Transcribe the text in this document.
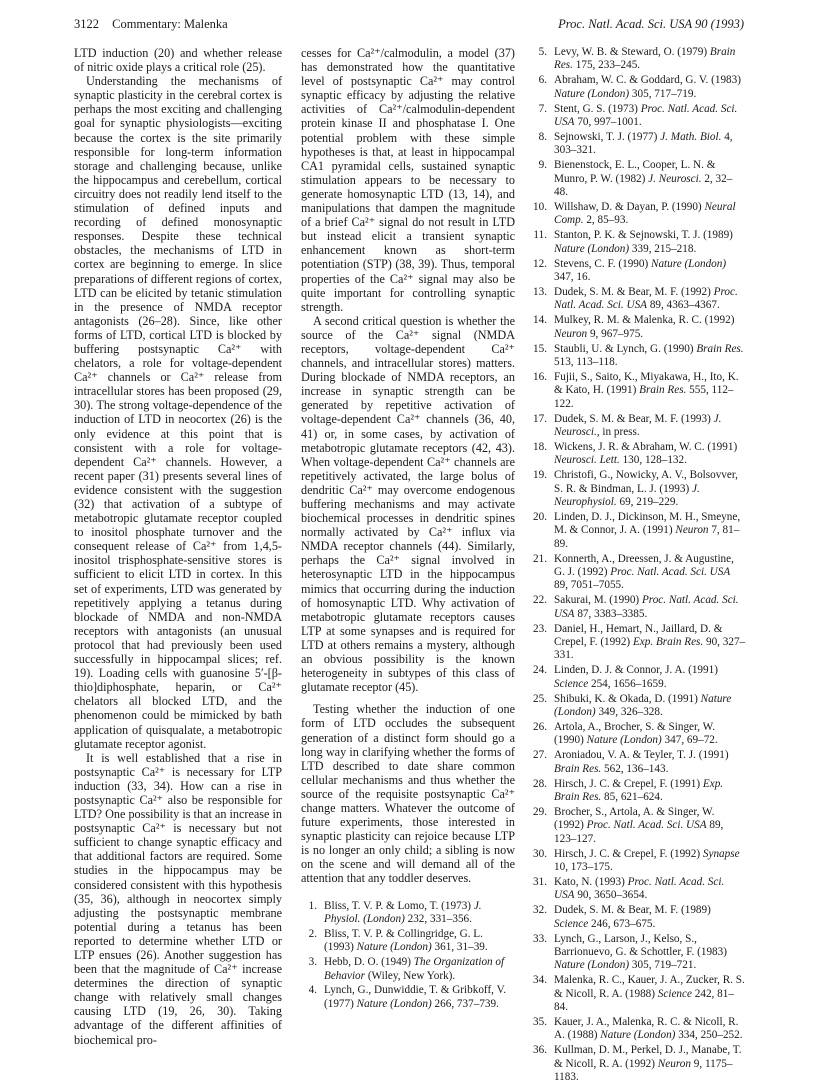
3122 Commentary: Malenka	Proc. Natl. Acad. Sci. USA 90 (1993)

LTD induction (20) and whether release of nitric oxide plays a critical role (25).

Understanding the mechanisms of synaptic plasticity in the cerebral cortex is perhaps the most exciting and challenging goal for synaptic physiologists—exciting because the cortex is the site primarily responsible for long-term information storage and challenging because, unlike the hippocampus and cerebellum, cortical circuitry does not readily lend itself to the stimulation of defined inputs and recording of defined monosynaptic responses. Despite these technical obstacles, the mechanisms of LTD in cortex are beginning to emerge. In slice preparations of different regions of cortex, LTD can be elicited by tetanic stimulation in the presence of NMDA receptor antagonists (26–28). Since, like other forms of LTD, cortical LTD is blocked by buffering postsynaptic Ca²⁺ with chelators, a role for voltage-dependent Ca²⁺ channels or Ca²⁺ release from intracellular stores has been proposed (29, 30). The strong voltage-dependence of the induction of LTD in neocortex (26) is the only evidence at this point that is consistent with a role for voltage-dependent Ca²⁺ channels. However, a recent paper (31) presents several lines of evidence consistent with the suggestion (32) that activation of a subtype of metabotropic glutamate receptor coupled to inositol phosphate turnover and the consequent release of Ca²⁺ from 1,4,5-inositol trisphosphate-sensitive stores is sufficient to elicit LTD in cortex. In this set of experiments, LTD was generated by repetitively applying a tetanus during blockade of NMDA and non-NMDA receptors with antagonists (an unusual protocol that had previously been used successfully in hippocampal slices; ref. 19). Loading cells with guanosine 5′-[β-thio]diphosphate, heparin, or Ca²⁺ chelators all blocked LTD, and the phenomenon could be mimicked by bath application of quisqualate, a metabotropic glutamate receptor agonist.

It is well established that a rise in postsynaptic Ca²⁺ is necessary for LTP induction (33, 34). How can a rise in postsynaptic Ca²⁺ also be responsible for LTD? One possibility is that an increase in postsynaptic Ca²⁺ is necessary but not sufficient to change synaptic efficacy and that additional factors are required. Some studies in the hippocampus may be considered consistent with this hypothesis (35, 36), although in neocortex simply adjusting the postsynaptic membrane potential during a tetanus has been reported to determine whether LTD or LTP ensues (26). Another suggestion has been that the magnitude of Ca²⁺ increase determines the direction of synaptic change with relatively small changes causing LTD (19, 26, 30). Taking advantage of the different affinities of biochemical pro-

cesses for Ca²⁺/calmodulin, a model (37) has demonstrated how the quantitative level of postsynaptic Ca²⁺ may control synaptic efficacy by adjusting the relative activities of Ca²⁺/calmodulin-dependent protein kinase II and phosphatase I. One potential problem with these simple hypotheses is that, at least in hippocampal CA1 pyramidal cells, sustained synaptic stimulation appears to be necessary to generate homosynaptic LTD (13, 14), and manipulations that dampen the magnitude of a brief Ca²⁺ signal do not result in LTD but instead elicit a transient synaptic enhancement known as short-term potentiation (STP) (38, 39). Thus, temporal properties of the Ca²⁺ signal may also be quite important for controlling synaptic strength.

A second critical question is whether the source of the Ca²⁺ signal (NMDA receptors, voltage-dependent Ca²⁺ channels, and intracellular stores) matters. During blockade of NMDA receptors, an increase in synaptic strength can be generated by repetitive activation of voltage-dependent Ca²⁺ channels (36, 40, 41) or, in some cases, by activation of metabotropic glutamate receptors (42, 43). When voltage-dependent Ca²⁺ channels are repetitively activated, the large bolus of dendritic Ca²⁺ may overcome endogenous buffering mechanisms and may activate biochemical processes in dendritic spines normally activated by Ca²⁺ influx via NMDA receptor channels (44). Similarly, perhaps the Ca²⁺ signal involved in heterosynaptic LTD in the hippocampus mimics that occurring during the induction of homosynaptic LTD. Why activation of metabotropic glutamate receptors causes LTP at some synapses and is required for LTD at others remains a mystery, although an obvious possibility is the known heterogeneity in subtypes of this class of glutamate receptor (45).

Testing whether the induction of one form of LTD occludes the subsequent generation of a distinct form should go a long way in clarifying whether the forms of LTD described to date share common cellular mechanisms and thus whether the source of the requisite postsynaptic Ca²⁺ change matters. Whatever the outcome of future experiments, those interested in synaptic plasticity can rejoice because LTP is no longer an only child; a sibling is now on the scene and will demand all of the attention that any toddler deserves.

1. Bliss, T. V. P. & Lomo, T. (1973) J. Physiol. (London) 232, 331–356.
2. Bliss, T. V. P. & Collingridge, G. L. (1993) Nature (London) 361, 31–39.
3. Hebb, D. O. (1949) The Organization of Behavior (Wiley, New York).
4. Lynch, G., Dunwiddie, T. & Gribkoff, V. (1977) Nature (London) 266, 737–739.
5. Levy, W. B. & Steward, O. (1979) Brain Res. 175, 233–245.
6. Abraham, W. C. & Goddard, G. V. (1983) Nature (London) 305, 717–719.
7. Stent, G. S. (1973) Proc. Natl. Acad. Sci. USA 70, 997–1001.
8. Sejnowski, T. J. (1977) J. Math. Biol. 4, 303–321.
9. Bienenstock, E. L., Cooper, L. N. & Munro, P. W. (1982) J. Neurosci. 2, 32–48.
10. Willshaw, D. & Dayan, P. (1990) Neural Comp. 2, 85–93.
11. Stanton, P. K. & Sejnowski, T. J. (1989) Nature (London) 339, 215–218.
12. Stevens, C. F. (1990) Nature (London) 347, 16.
13. Dudek, S. M. & Bear, M. F. (1992) Proc. Natl. Acad. Sci. USA 89, 4363–4367.
14. Mulkey, R. M. & Malenka, R. C. (1992) Neuron 9, 967–975.
15. Staubli, U. & Lynch, G. (1990) Brain Res. 513, 113–118.
16. Fujii, S., Saito, K., Miyakawa, H., Ito, K. & Kato, H. (1991) Brain Res. 555, 112–122.
17. Dudek, S. M. & Bear, M. F. (1993) J. Neurosci., in press.
18. Wickens, J. R. & Abraham, W. C. (1991) Neurosci. Lett. 130, 128–132.
19. Christofi, G., Nowicky, A. V., Bolsovver, S. R. & Bindman, L. J. (1993) J. Neurophysiol. 69, 219–229.
20. Linden, D. J., Dickinson, M. H., Smeyne, M. & Connor, J. A. (1991) Neuron 7, 81–89.
21. Konnerth, A., Dreessen, J. & Augustine, G. J. (1992) Proc. Natl. Acad. Sci. USA 89, 7051–7055.
22. Sakurai, M. (1990) Proc. Natl. Acad. Sci. USA 87, 3383–3385.
23. Daniel, H., Hemart, N., Jaillard, D. & Crepel, F. (1992) Exp. Brain Res. 90, 327–331.
24. Linden, D. J. & Connor, J. A. (1991) Science 254, 1656–1659.
25. Shibuki, K. & Okada, D. (1991) Nature (London) 349, 326–328.
26. Artola, A., Brocher, S. & Singer, W. (1990) Nature (London) 347, 69–72.
27. Aroniadou, V. A. & Teyler, T. J. (1991) Brain Res. 562, 136–143.
28. Hirsch, J. C. & Crepel, F. (1991) Exp. Brain Res. 85, 621–624.
29. Brocher, S., Artola, A. & Singer, W. (1992) Proc. Natl. Acad. Sci. USA 89, 123–127.
30. Hirsch, J. C. & Crepel, F. (1992) Synapse 10, 173–175.
31. Kato, N. (1993) Proc. Natl. Acad. Sci. USA 90, 3650–3654.
32. Dudek, S. M. & Bear, M. F. (1989) Science 246, 673–675.
33. Lynch, G., Larson, J., Kelso, S., Barrionuevo, G. & Schottler, F. (1983) Nature (London) 305, 719–721.
34. Malenka, R. C., Kauer, J. A., Zucker, R. S. & Nicoll, R. A. (1988) Science 242, 81–84.
35. Kauer, J. A., Malenka, R. C. & Nicoll, R. A. (1988) Nature (London) 334, 250–252.
36. Kullman, D. M., Perkel, D. J., Manabe, T. & Nicoll, R. A. (1992) Neuron 9, 1175–1183.
